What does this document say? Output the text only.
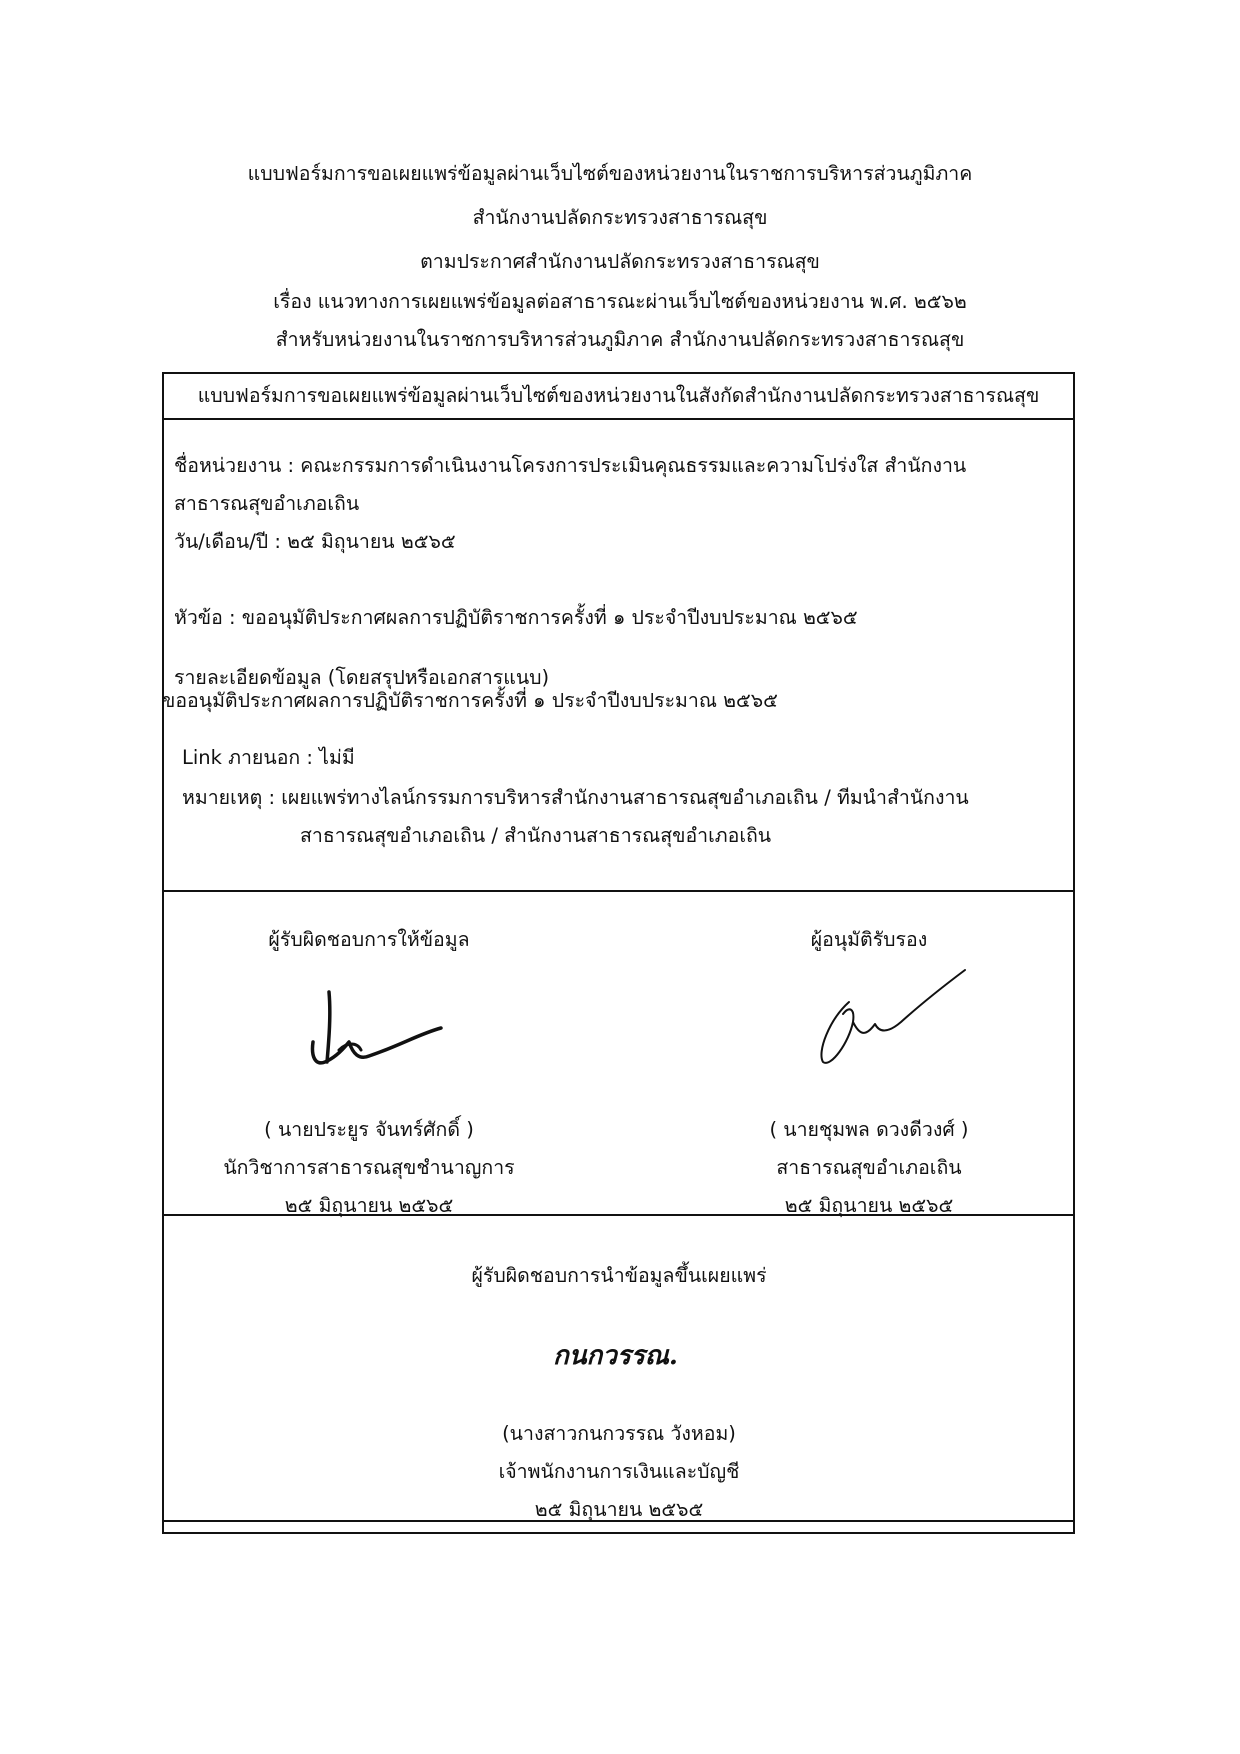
แบบฟอร์มการขอเผยแพร่ข้อมูลผ่านเว็บไซต์ของหน่วยงานในราชการบริหารส่วนภูมิภาค
สำนักงานปลัดกระทรวงสาธารณสุข
ตามประกาศสำนักงานปลัดกระทรวงสาธารณสุข
เรื่อง แนวทางการเผยแพร่ข้อมูลต่อสาธารณะผ่านเว็บไซต์ของหน่วยงาน พ.ศ. ๒๕๖๒
สำหรับหน่วยงานในราชการบริหารส่วนภูมิภาค สำนักงานปลัดกระทรวงสาธารณสุข
แบบฟอร์มการขอเผยแพร่ข้อมูลผ่านเว็บไซต์ของหน่วยงานในสังกัดสำนักงานปลัดกระทรวงสาธารณสุข
ชื่อหน่วยงาน : คณะกรรมการดำเนินงานโครงการประเมินคุณธรรมและความโปร่งใส สำนักงาน
สาธารณสุขอำเภอเถิน
วัน/เดือน/ปี : ๒๕ มิถุนายน ๒๕๖๕
หัวข้อ : ขออนุมัติประกาศผลการปฏิบัติราชการครั้งที่ ๑ ประจำปีงบประมาณ ๒๕๖๕
รายละเอียดข้อมูล (โดยสรุปหรือเอกสารแนบ)
ขออนุมัติประกาศผลการปฏิบัติราชการครั้งที่ ๑ ประจำปีงบประมาณ ๒๕๖๕
Link ภายนอก : ไม่มี
หมายเหตุ : เผยแพร่ทางไลน์กรรมการบริหารสำนักงานสาธารณสุขอำเภอเถิน / ทีมนำสำนักงาน
สาธารณสุขอำเภอเถิน / สำนักงานสาธารณสุขอำเภอเถิน
ผู้รับผิดชอบการให้ข้อมูล
( นายประยูร จันทร์ศักดิ์ )
นักวิชาการสาธารณสุขชำนาญการ
๒๕ มิถุนายน ๒๕๖๕
ผู้อนุมัติรับรอง
( นายชุมพล ดวงดีวงศ์ )
สาธารณสุขอำเภอเถิน
๒๕ มิถุนายน ๒๕๖๕
ผู้รับผิดชอบการนำข้อมูลขึ้นเผยแพร่
กนกวรรณ.
(นางสาวกนกวรรณ วังหอม)
เจ้าพนักงานการเงินและบัญชี
๒๕ มิถุนายน ๒๕๖๕
